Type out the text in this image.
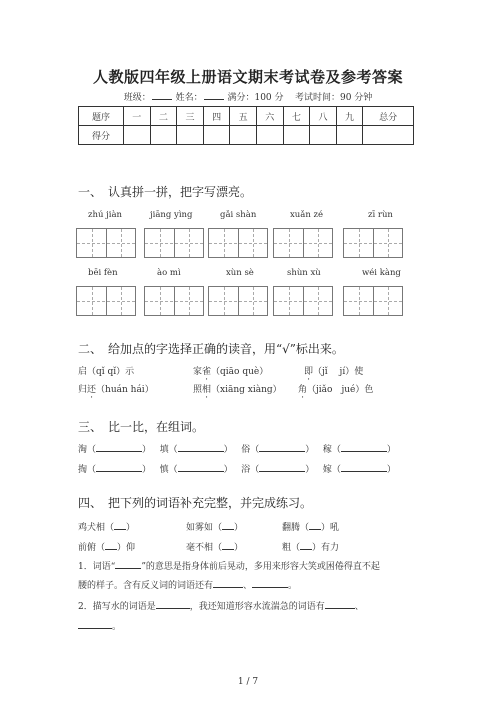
人教版四年级上册语文期末考试卷及参考答案
班级：	姓名：	满分：100 分 考试时间：90 分钟
题序	一	二	三	四	五	六	七	八	九	总分
得分										
一、 认真拼一拼，把字写漂亮。
zhú jiàn	jiāng yìng	gǎi shàn	xuǎn zé	zī rùn
bēi fèn	ào mì	xùn sè	shùn xù	wéi kàng
二、 给加点的字选择正确的读音，用“√”标出来。
启（qǐ qǐ）示	家雀（qiāo què）	即（jǐ　 jí）使
归还（huán hái）	照相（xiāng xiàng） 角（jiǎo　jué）色
三、 比一比，在组词。
淘（	） 填（	） 俗（	） 稼（	）
掏（	） 慎（	） 浴（	） 嫁（	）
四、 把下列的词语补充完整，并完成练习。
鸡犬相（ ）	如雾如（ ）	翻腾（ ）吼
前俯（ ）仰	毫不相（ ）	粗（ ）有力
1．词语“	”的意思是指身体前后晃动，多用来形容大笑或困倦得直不起
腰的样子。含有反义词的词语还有	、	。
2．描写水的词语是	，我还知道形容水流湍急的词语有	、
。
1 / 7
